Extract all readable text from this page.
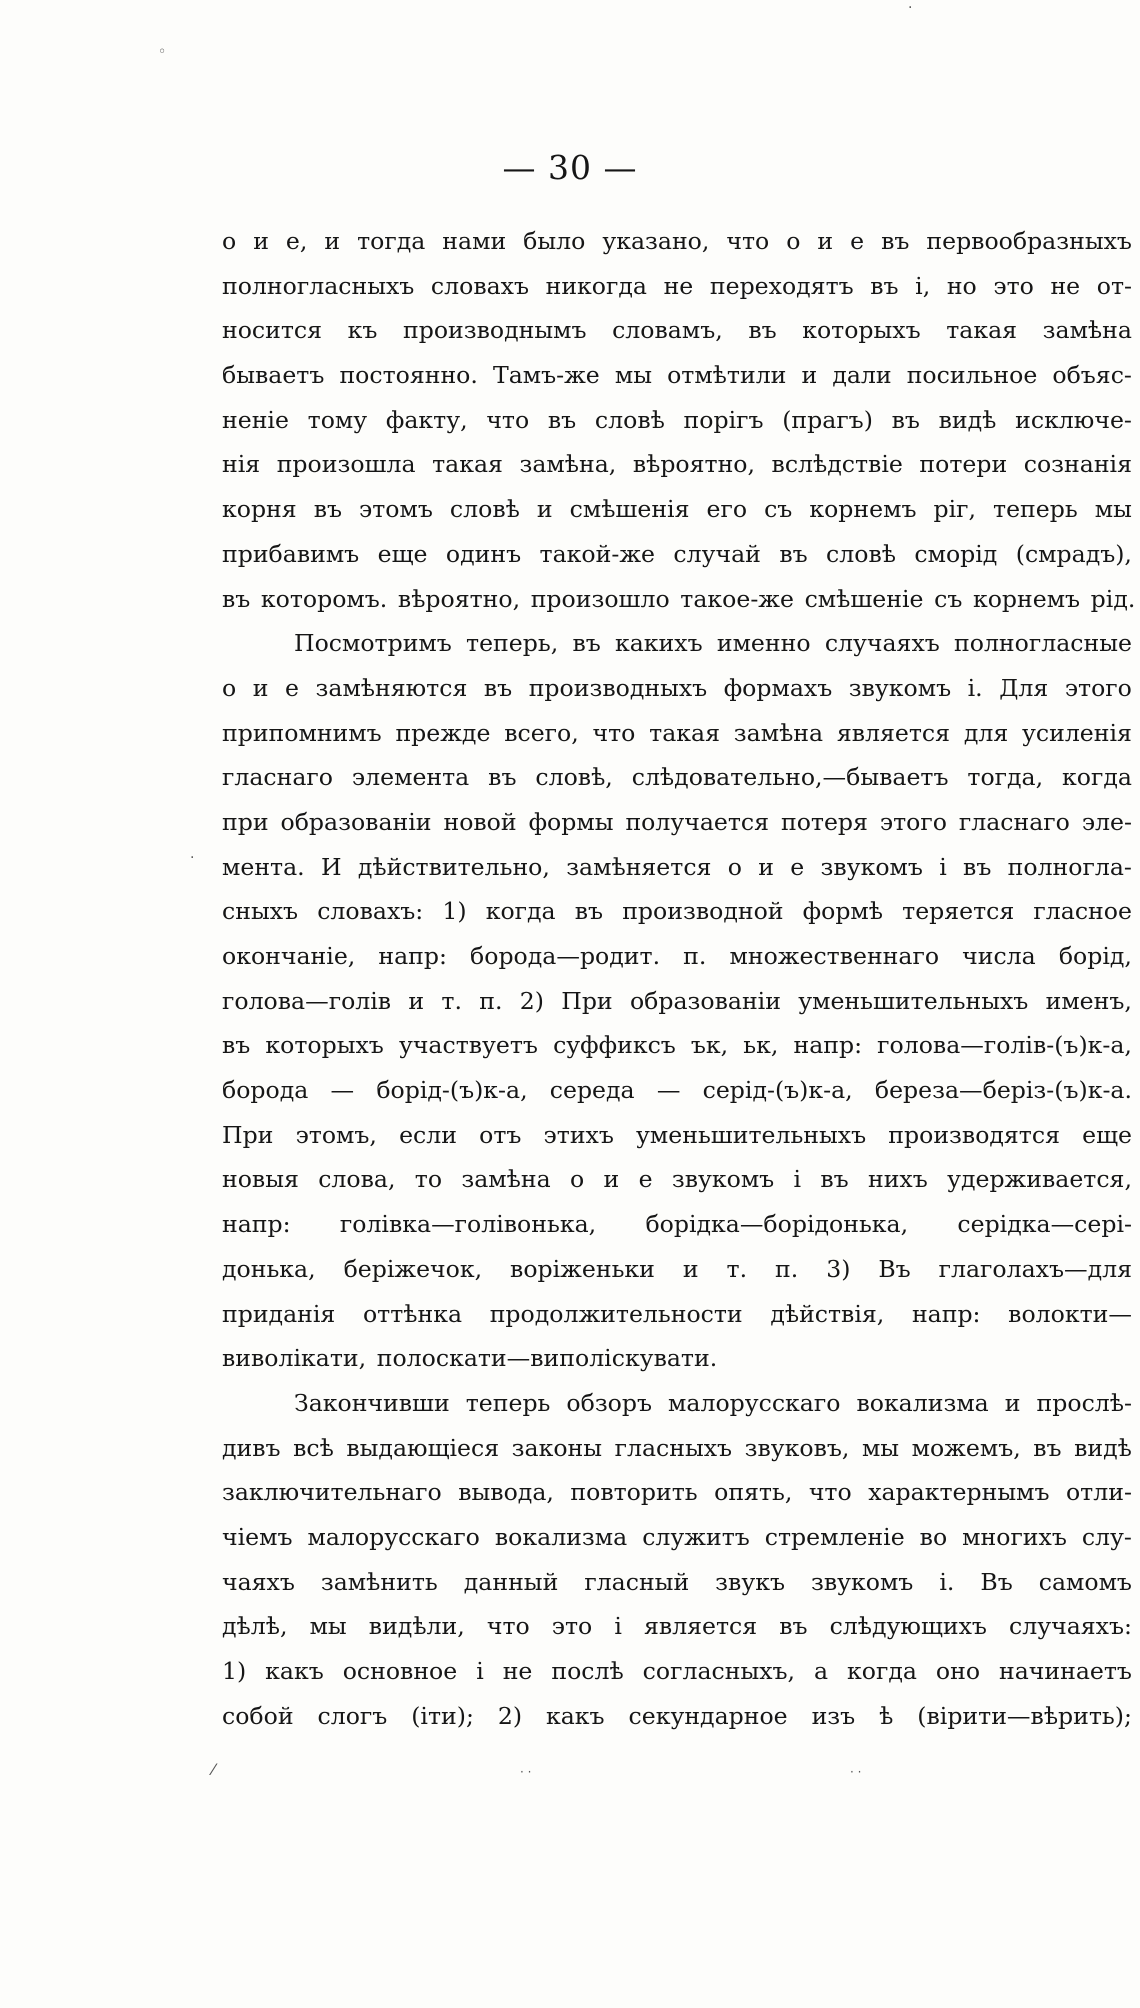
— 30 —
о и е, и тогда нами было указано, что о и е въ первообразныхъ
полногласныхъ словахъ никогда не переходятъ въ і, но это не от-
носится къ производнымъ словамъ, въ которыхъ такая замѣна
бываетъ постоянно. Тамъ-же мы отмѣтили и дали посильное объяс-
неніе тому факту, что въ словѣ порігъ (прагъ) въ видѣ исключе-
нія произошла такая замѣна, вѣроятно, вслѣдствіе потери сознанія
корня въ этомъ словѣ и смѣшенія его съ корнемъ ріг, теперь мы
прибавимъ еще одинъ такой-же случай въ словѣ сморід (смрадъ),
въ которомъ. вѣроятно, произошло такое-же смѣшеніе съ корнемъ рід.
Посмотримъ теперь, въ какихъ именно случаяхъ полногласные
о и е замѣняются въ производныхъ формахъ звукомъ і. Для этого
припомнимъ прежде всего, что такая замѣна является для усиленія
гласнаго элемента въ словѣ, слѣдовательно,—бываетъ тогда, когда
при образованіи новой формы получается потеря этого гласнаго эле-
мента. И дѣйствительно, замѣняется о и е звукомъ і въ полногла-
сныхъ словахъ: 1) когда въ производной формѣ теряется гласное
окончаніе, напр: борода—родит. п. множественнаго числа борід,
голова—голів и т. п. 2) При образованіи уменьшительныхъ именъ,
въ которыхъ участвуетъ суффиксъ ък, ьк, напр: голова—голів-(ъ)к-а,
борода — борід-(ъ)к-а, середа — серід-(ъ)к-а, береза—беріз-(ъ)к-а.
При этомъ, если отъ этихъ уменьшительныхъ производятся еще
новыя слова, то замѣна о и е звукомъ і въ нихъ удерживается,
напр: голівка—голівонька, борідка—борідонька, серідка—серi-
донька, беріжечок, воріженьки и т. п. 3) Въ глаголахъ—для
приданія оттѣнка продолжительности дѣйствія, напр: волокти—
виволікати, полоскати—виполіскувати.
Закончивши теперь обзоръ малорусскаго вокализма и прослѣ-
дивъ всѣ выдающіеся законы гласныхъ звуковъ, мы можемъ, въ видѣ
заключительнаго вывода, повторить опять, что характернымъ отли-
чіемъ малорусскаго вокализма служитъ стремленіе во многихъ слу-
чаяхъ замѣнить данный гласный звукъ звукомъ і. Въ самомъ
дѣлѣ, мы видѣли, что это і является въ слѣдующихъ случаяхъ:
1) какъ основное і не послѣ согласныхъ, а когда оно начинаетъ
собой слогъ (іти); 2) какъ секундарное изъ ѣ (вірити—вѣрить);
◦
·
·
⁄	· ·	· ·
